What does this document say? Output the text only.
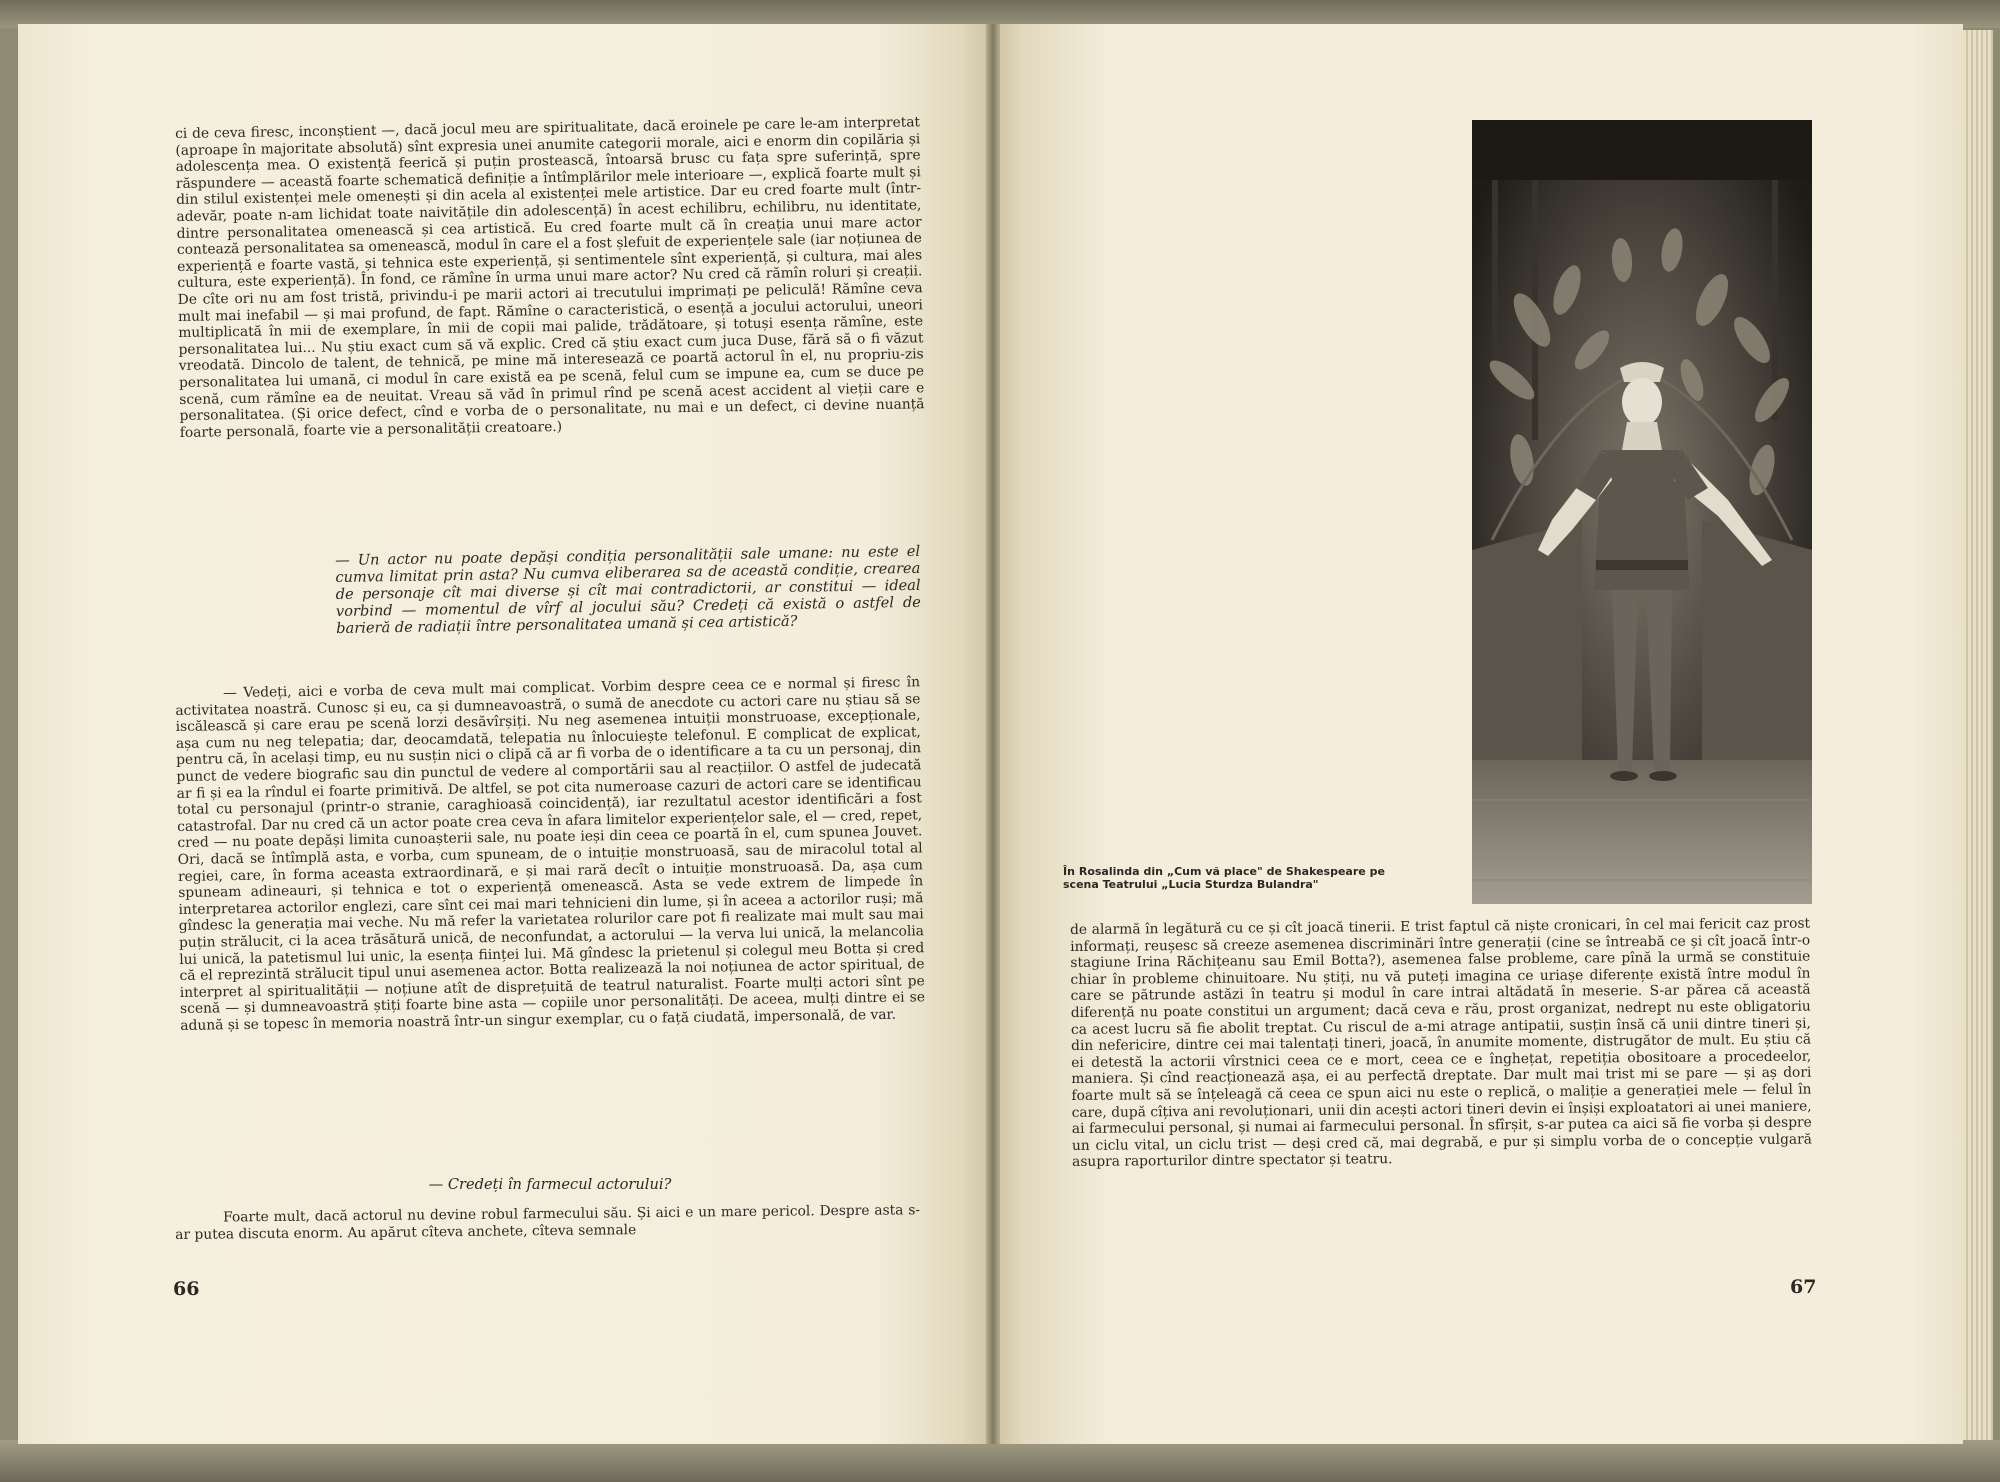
ci de ceva firesc, inconștient —, dacă jocul meu are spiritualitate, dacă eroinele pe care le-am interpretat (aproape în majoritate absolută) sînt expresia unei anumite categorii morale, aici e enorm din copilăria și adolescența mea. O existență feerică și puțin prostească, întoarsă brusc cu fața spre suferință, spre răspundere — această foarte schematică definiție a întîmplărilor mele interioare —, explică foarte mult și din stilul existenței mele omenești și din acela al existenței mele artistice. Dar eu cred foarte mult (într-adevăr, poate n-am lichidat toate naivitățile din adolescență) în acest echilibru, echilibru, nu identitate, dintre personalitatea omenească și cea artistică. Eu cred foarte mult că în creația unui mare actor contează personalitatea sa omenească, modul în care el a fost șlefuit de experiențele sale (iar noțiunea de experiență e foarte vastă, și tehnica este experiență, și sentimentele sînt experiență, și cultura, mai ales cultura, este experiență). În fond, ce rămîne în urma unui mare actor? Nu cred că rămîn roluri și creații. De cîte ori nu am fost tristă, privindu-i pe marii actori ai trecutului imprimați pe peliculă! Rămîne ceva mult mai inefabil — și mai profund, de fapt. Rămîne o caracteristică, o esență a jocului actorului, uneori multiplicată în mii de exemplare, în mii de copii mai palide, trădătoare, și totuși esența rămîne, este personalitatea lui... Nu știu exact cum să vă explic. Cred că știu exact cum juca Duse, fără să o fi văzut vreodată. Dincolo de talent, de tehnică, pe mine mă interesează ce poartă actorul în el, nu propriu-zis personalitatea lui umană, ci modul în care există ea pe scenă, felul cum se impune ea, cum se duce pe scenă, cum rămîne ea de neuitat. Vreau să văd în primul rînd pe scenă acest accident al vieții care e personalitatea. (Și orice defect, cînd e vorba de o personalitate, nu mai e un defect, ci devine nuanță foarte personală, foarte vie a personalității creatoare.)

— Un actor nu poate depăși condiția personalității sale umane: nu este el cumva limitat prin asta? Nu cumva eliberarea sa de această condiție, crearea de personaje cît mai diverse și cît mai contradictorii, ar constitui — ideal vorbind — momentul de vîrf al jocului său? Credeți că există o astfel de barieră de radiații între personalitatea umană și cea artistică?

— Vedeți, aici e vorba de ceva mult mai complicat. Vorbim despre ceea ce e normal și firesc în activitatea noastră. Cunosc și eu, ca și dumneavoastră, o sumă de anecdote cu actori care nu știau să se iscălească și care erau pe scenă lorzi desăvîrșiți. Nu neg asemenea intuiții monstruoase, excepționale, așa cum nu neg telepatia; dar, deocamdată, telepatia nu înlocuiește telefonul. E complicat de explicat, pentru că, în același timp, eu nu susțin nici o clipă că ar fi vorba de o identificare a ta cu un personaj, din punct de vedere biografic sau din punctul de vedere al comportării sau al reacțiilor. O astfel de judecată ar fi și ea la rîndul ei foarte primitivă. De altfel, se pot cita numeroase cazuri de actori care se identificau total cu personajul (printr-o stranie, caraghioasă coincidență), iar rezultatul acestor identificări a fost catastrofal. Dar nu cred că un actor poate crea ceva în afara limitelor experiențelor sale, el — cred, repet, cred — nu poate depăși limita cunoașterii sale, nu poate ieși din ceea ce poartă în el, cum spunea Jouvet. Ori, dacă se întîmplă asta, e vorba, cum spuneam, de o intuiție monstruoasă, sau de miracolul total al regiei, care, în forma aceasta extraordinară, e și mai rară decît o intuiție monstruoasă. Da, așa cum spuneam adineauri, și tehnica e tot o experiență omenească. Asta se vede extrem de limpede în interpretarea actorilor englezi, care sînt cei mai mari tehnicieni din lume, și în aceea a actorilor ruși; mă gîndesc la generația mai veche. Nu mă refer la varietatea rolurilor care pot fi realizate mai mult sau mai puțin strălucit, ci la acea trăsătură unică, de neconfundat, a actorului — la verva lui unică, la melancolia lui unică, la patetismul lui unic, la esența ființei lui. Mă gîndesc la prietenul și colegul meu Botta și cred că el reprezintă strălucit tipul unui asemenea actor. Botta realizează la noi noțiunea de actor spiritual, de interpret al spiritualității — noțiune atît de disprețuită de teatrul naturalist. Foarte mulți actori sînt pe scenă — și dumneavoastră știți foarte bine asta — copiile unor personalități. De aceea, mulți dintre ei se adună și se topesc în memoria noastră într-un singur exemplar, cu o față ciudată, impersonală, de var.

— Credeți în farmecul actorului?

Foarte mult, dacă actorul nu devine robul farmecului său. Și aici e un mare pericol. Despre asta s-ar putea discuta enorm. Au apărut cîteva anchete, cîteva semnale

66
În Rosalinda din „Cum vă place" de Shakespeare pe scena Teatrului „Lucia Sturdza Bulandra"

de alarmă în legătură cu ce și cît joacă tinerii. E trist faptul că niște cronicari, în cel mai fericit caz prost informați, reușesc să creeze asemenea discriminări între generații (cine se întreabă ce și cît joacă într-o stagiune Irina Răchițeanu sau Emil Botta?), asemenea false probleme, care pînă la urmă se constituie chiar în probleme chinuitoare. Nu știți, nu vă puteți imagina ce uriașe diferențe există între modul în care se pătrunde astăzi în teatru și modul în care intrai altădată în meserie. S-ar părea că această diferență nu poate constitui un argument; dacă ceva e rău, prost organizat, nedrept nu este obligatoriu ca acest lucru să fie abolit treptat. Cu riscul de a-mi atrage antipatii, susțin însă că unii dintre tineri și, din nefericire, dintre cei mai talentați tineri, joacă, în anumite momente, distrugător de mult. Eu știu că ei detestă la actorii vîrstnici ceea ce e mort, ceea ce e înghețat, repetiția obositoare a procedeelor, maniera. Și cînd reacționează așa, ei au perfectă dreptate. Dar mult mai trist mi se pare — și aș dori foarte mult să se înțeleagă că ceea ce spun aici nu este o replică, o maliție a generației mele — felul în care, după cîțiva ani revoluționari, unii din acești actori tineri devin ei înșiși exploatatori ai unei maniere, ai farmecului personal, și numai ai farmecului personal. În sfîrșit, s-ar putea ca aici să fie vorba și despre un ciclu vital, un ciclu trist — deși cred că, mai degrabă, e pur și simplu vorba de o concepție vulgară asupra raporturilor dintre spectator și teatru.

67
